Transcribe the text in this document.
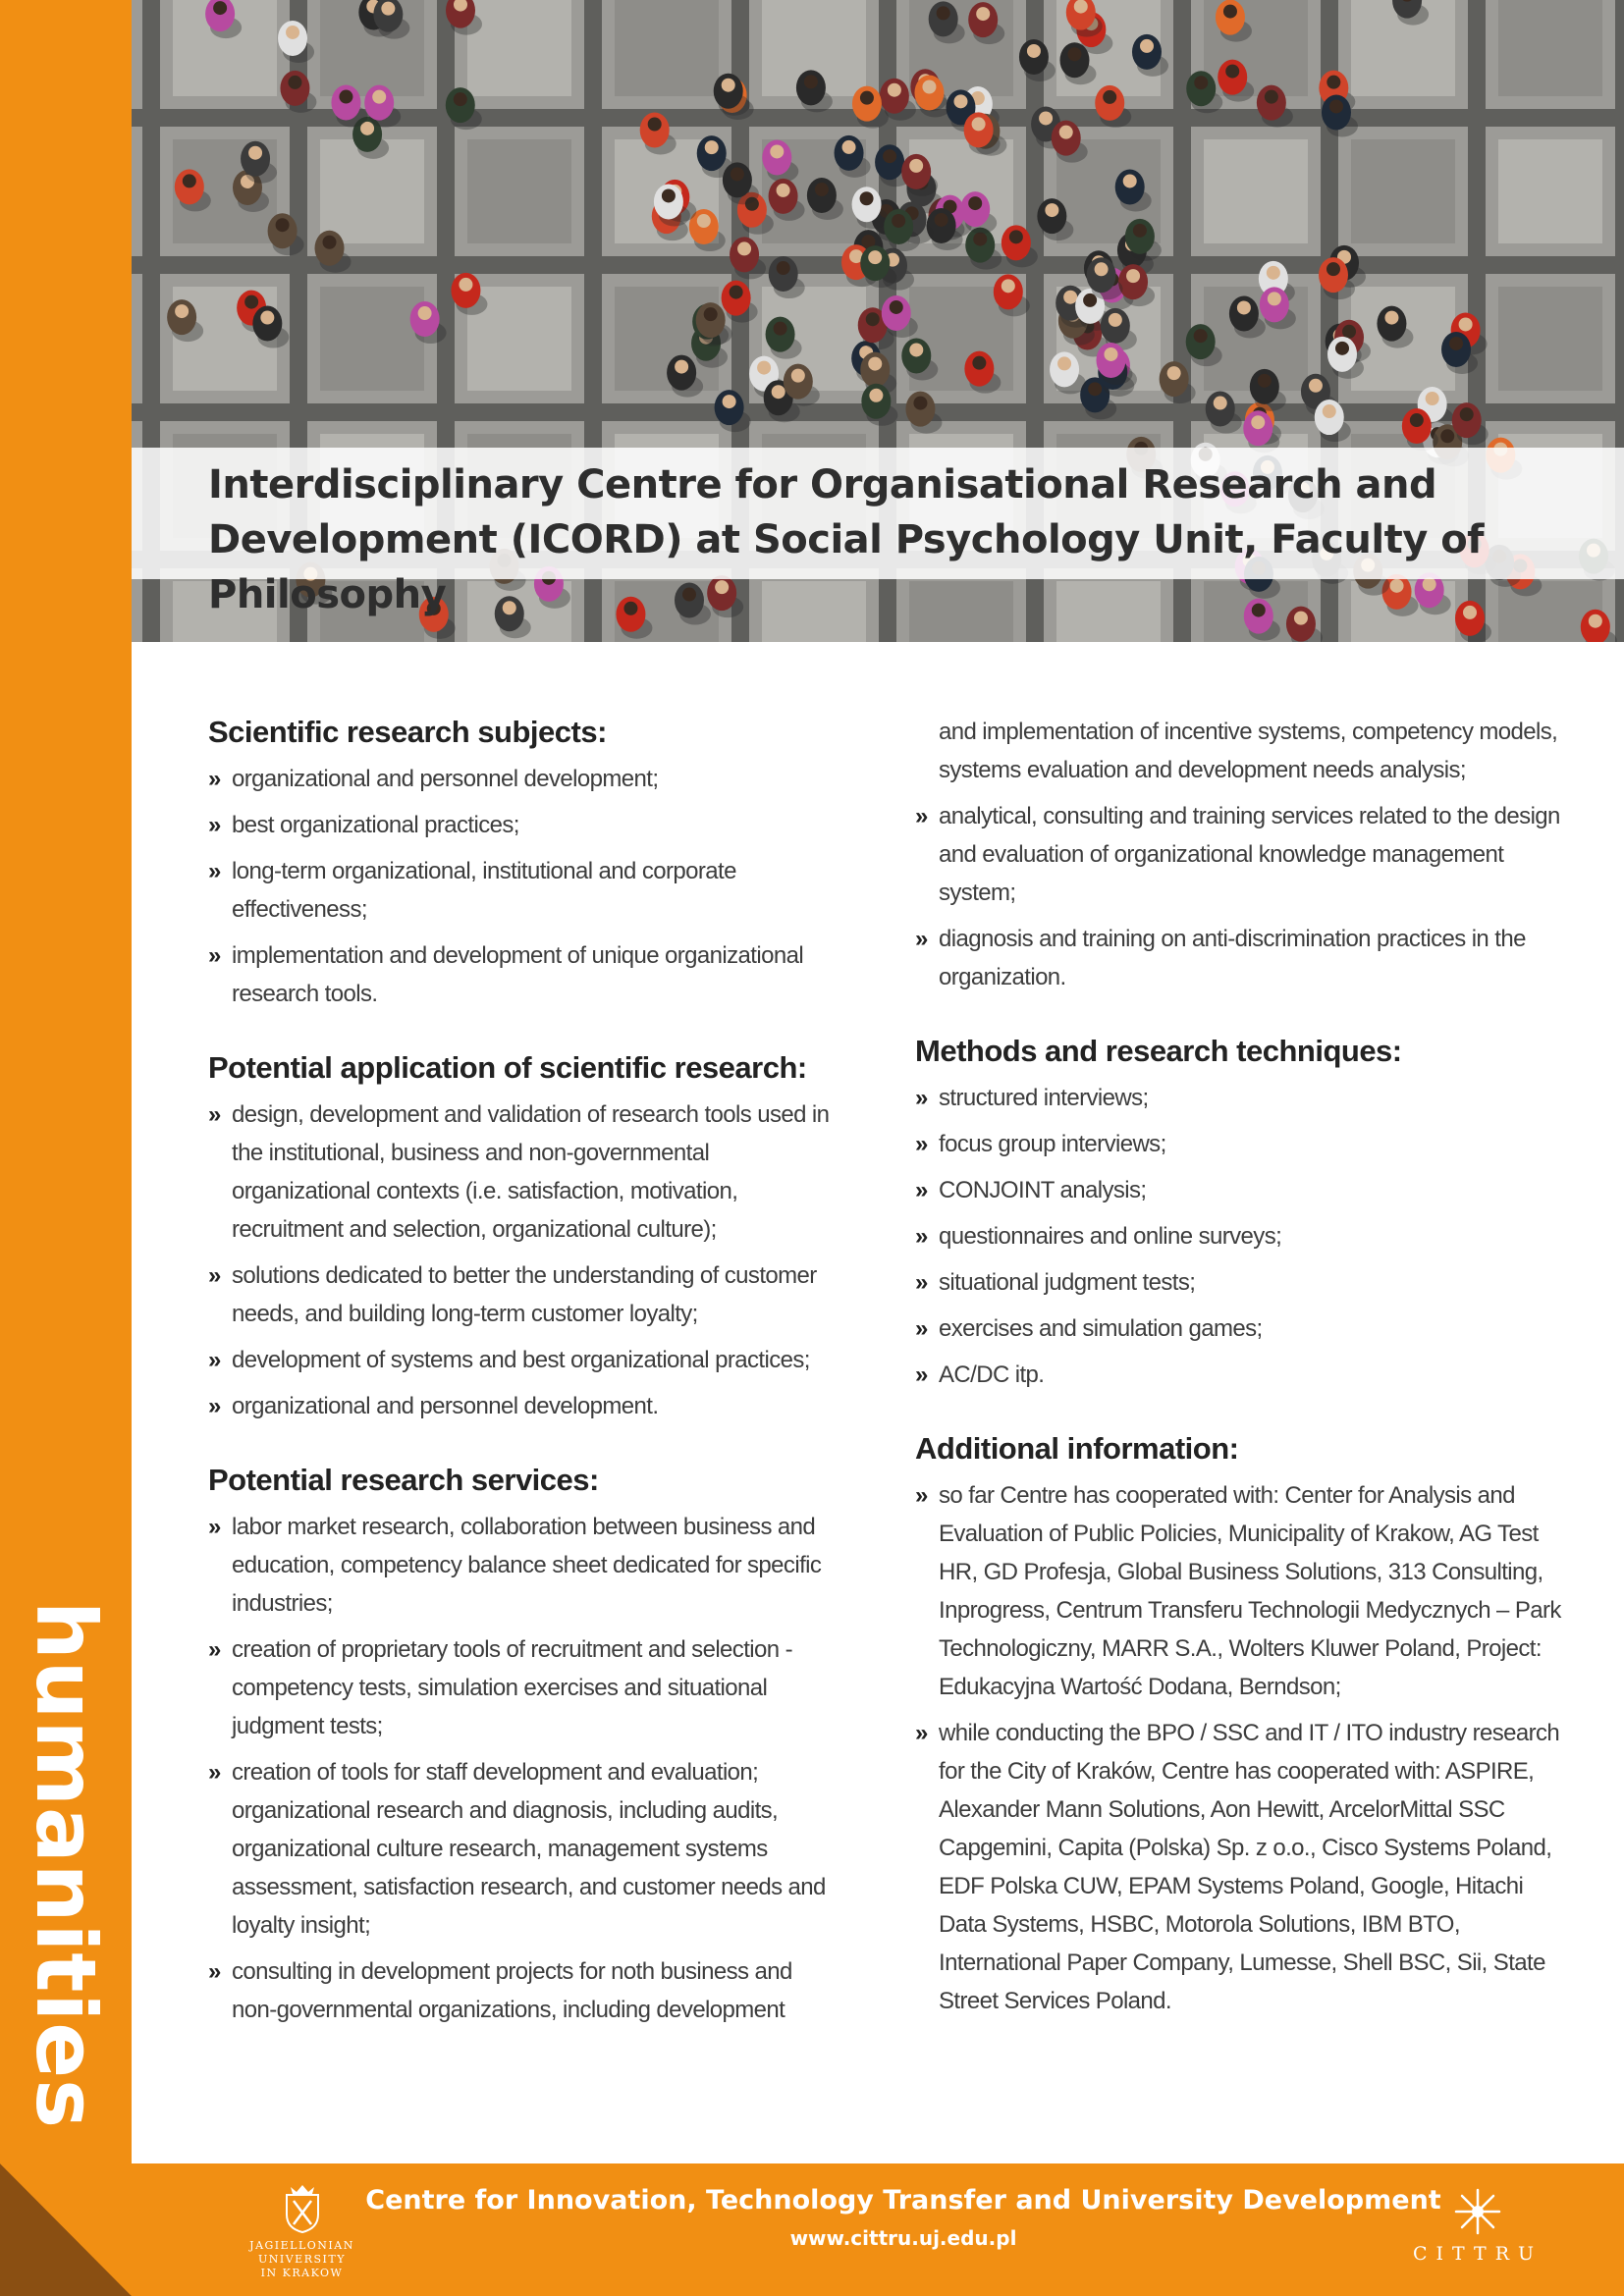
humanities
Interdisciplinary Centre for Organisational Research and Development (ICORD) at Social Psychology Unit, Faculty of Philosophy
Scientific research subjects:
» organizational and personnel development;
» best organizational practices;
» long-term organizational, institutional and corporate effectiveness;
» implementation and development of unique organizational research tools.
Potential application of scientific research:
» design, development and validation of research tools used in the institutional, business and non-governmental organizational contexts (i.e. satisfaction, motivation, recruitment and selection, organizational culture);
» solutions dedicated to better the understanding of customer needs, and building long-term customer loyalty;
» development of systems and best organizational practices;
» organizational and personnel development.
Potential research services:
» labor market research, collaboration between business and education, competency balance sheet dedicated for specific industries;
» creation of proprietary tools of recruitment and selection - competency tests, simulation exercises and situational judgment tests;
» creation of tools for staff development and evaluation; organizational research and diagnosis, including audits, organizational culture research, management systems assessment, satisfaction research, and customer needs and loyalty insight;
» consulting in development projects for noth business and non-governmental organizations, including development
and implementation of incentive systems, competency models, systems evaluation and development needs analysis;
» analytical, consulting and training services related to the design and evaluation of organizational knowledge management system;
» diagnosis and training on anti-discrimination practices in the organization.
Methods and research techniques:
» structured interviews;
» focus group interviews;
» CONJOINT analysis;
» questionnaires and online surveys;
» situational judgment tests;
» exercises and simulation games;
» AC/DC itp.
Additional information:
» so far Centre has cooperated with: Center for Analysis and Evaluation of Public Policies, Municipality of Krakow, AG Test HR, GD Profesja, Global Business Solutions, 313 Consulting, Inprogress, Centrum Transferu Technologii Medycznych – Park Technologiczny, MARR S.A., Wolters Kluwer Poland, Project: Edukacyjna Wartość Dodana, Berndson;
» while conducting the BPO / SSC and IT / ITO industry research for the City of Kraków, Centre has cooperated with: ASPIRE, Alexander Mann Solutions, Aon Hewitt, ArcelorMittal SSC Capgemini, Capita (Polska) Sp. z o.o., Cisco Systems Poland, EDF Polska CUW, EPAM Systems Poland, Google, Hitachi Data Systems, HSBC, Motorola Solutions, IBM BTO, International Paper Company, Lumesse, Shell BSC, Sii, State Street Services Poland.
JAGIELLONIAN UNIVERSITY
IN KRAKOW
Centre for Innovation, Technology Transfer and University Development
www.cittru.uj.edu.pl
CITTRU
